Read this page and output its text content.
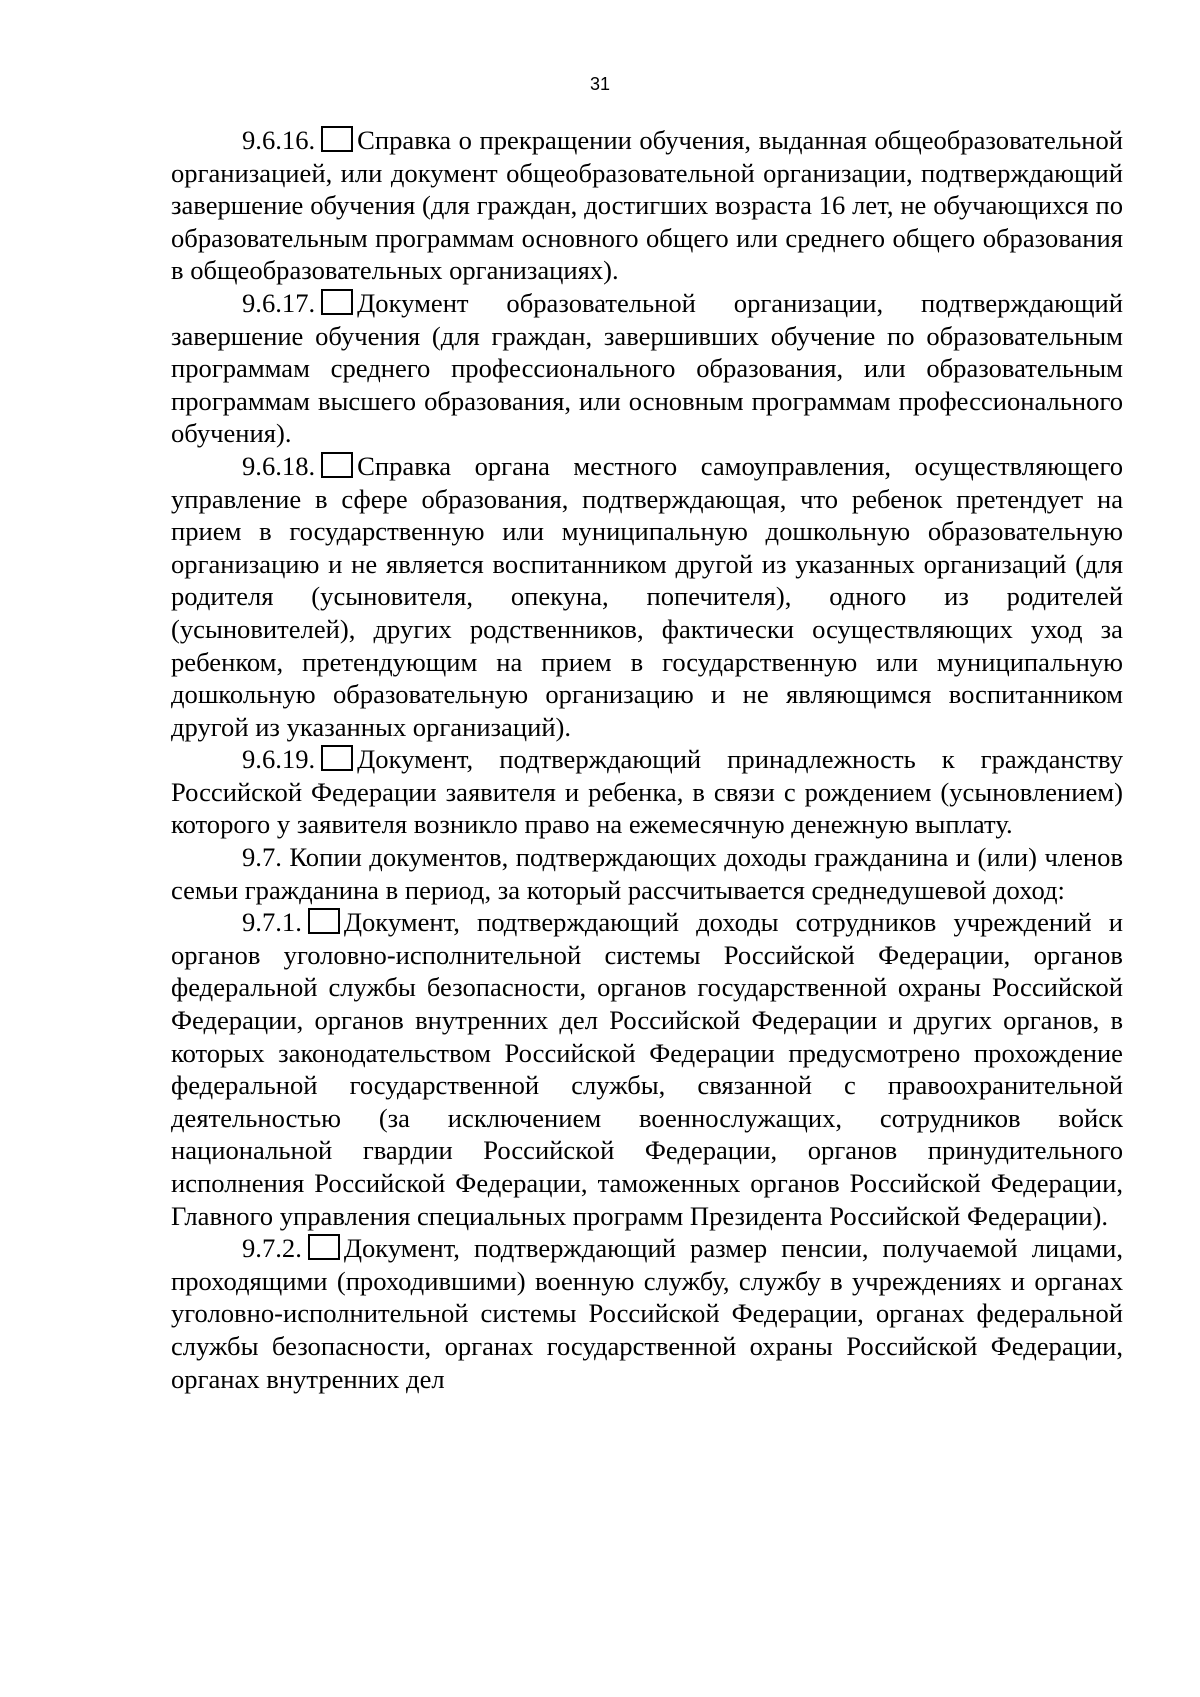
31

9.6.16. Справка о прекращении обучения, выданная общеобразовательной организацией, или документ общеобразовательной организации, подтверждающий завершение обучения (для граждан, достигших возраста 16 лет, не обучающихся по образовательным программам основного общего или среднего общего образования в общеобразовательных организациях).

9.6.17. Документ образовательной организации, подтверждающий завершение обучения (для граждан, завершивших обучение по образовательным программам среднего профессионального образования, или образовательным программам высшего образования, или основным программам профессионального обучения).

9.6.18. Справка органа местного самоуправления, осуществляющего управление в сфере образования, подтверждающая, что ребенок претендует на прием в государственную или муниципальную дошкольную образовательную организацию и не является воспитанником другой из указанных организаций (для родителя (усыновителя, опекуна, попечителя), одного из родителей (усыновителей), других родственников, фактически осуществляющих уход за ребенком, претендующим на прием в государственную или муниципальную дошкольную образовательную организацию и не являющимся воспитанником другой из указанных организаций).

9.6.19. Документ, подтверждающий принадлежность к гражданству Российской Федерации заявителя и ребенка, в связи с рождением (усыновлением) которого у заявителя возникло право на ежемесячную денежную выплату.

9.7. Копии документов, подтверждающих доходы гражданина и (или) членов семьи гражданина в период, за который рассчитывается среднедушевой доход:

9.7.1. Документ, подтверждающий доходы сотрудников учреждений и органов уголовно-исполнительной системы Российской Федерации, органов федеральной службы безопасности, органов государственной охраны Российской Федерации, органов внутренних дел Российской Федерации и других органов, в которых законодательством Российской Федерации предусмотрено прохождение федеральной государственной службы, связанной с правоохранительной деятельностью (за исключением военнослужащих, сотрудников войск национальной гвардии Российской Федерации, органов принудительного исполнения Российской Федерации, таможенных органов Российской Федерации, Главного управления специальных программ Президента Российской Федерации).

9.7.2. Документ, подтверждающий размер пенсии, получаемой лицами, проходящими (проходившими) военную службу, службу в учреждениях и органах уголовно-исполнительной системы Российской Федерации, органах федеральной службы безопасности, органах государственной охраны Российской Федерации, органах внутренних дел
